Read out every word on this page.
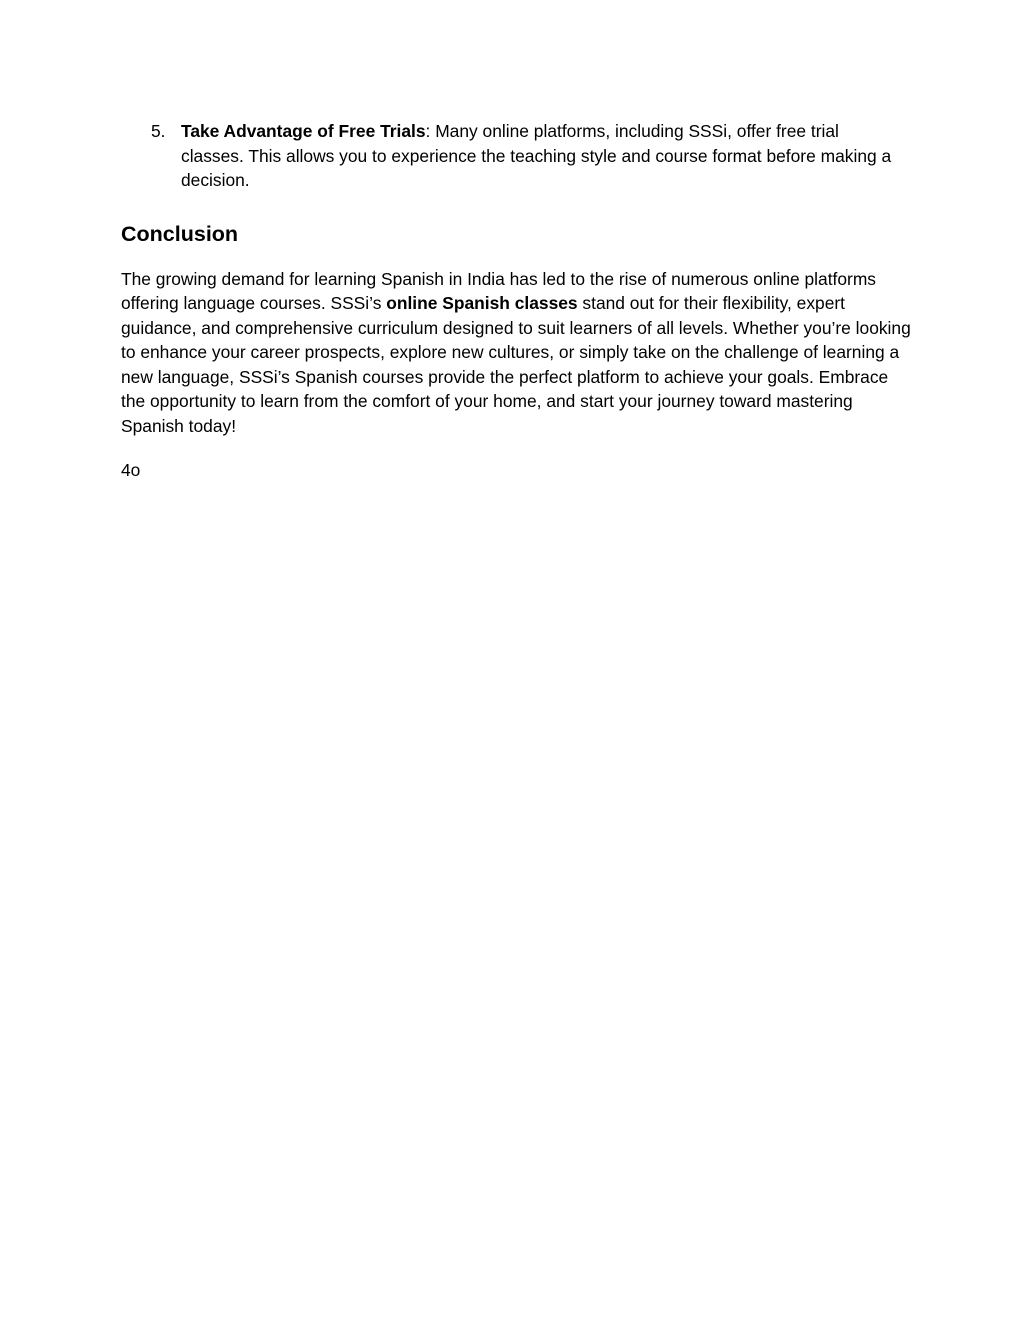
5. Take Advantage of Free Trials: Many online platforms, including SSSi, offer free trial classes. This allows you to experience the teaching style and course format before making a decision.
Conclusion
The growing demand for learning Spanish in India has led to the rise of numerous online platforms offering language courses. SSSi’s online Spanish classes stand out for their flexibility, expert guidance, and comprehensive curriculum designed to suit learners of all levels. Whether you’re looking to enhance your career prospects, explore new cultures, or simply take on the challenge of learning a new language, SSSi’s Spanish courses provide the perfect platform to achieve your goals. Embrace the opportunity to learn from the comfort of your home, and start your journey toward mastering Spanish today!
4o
